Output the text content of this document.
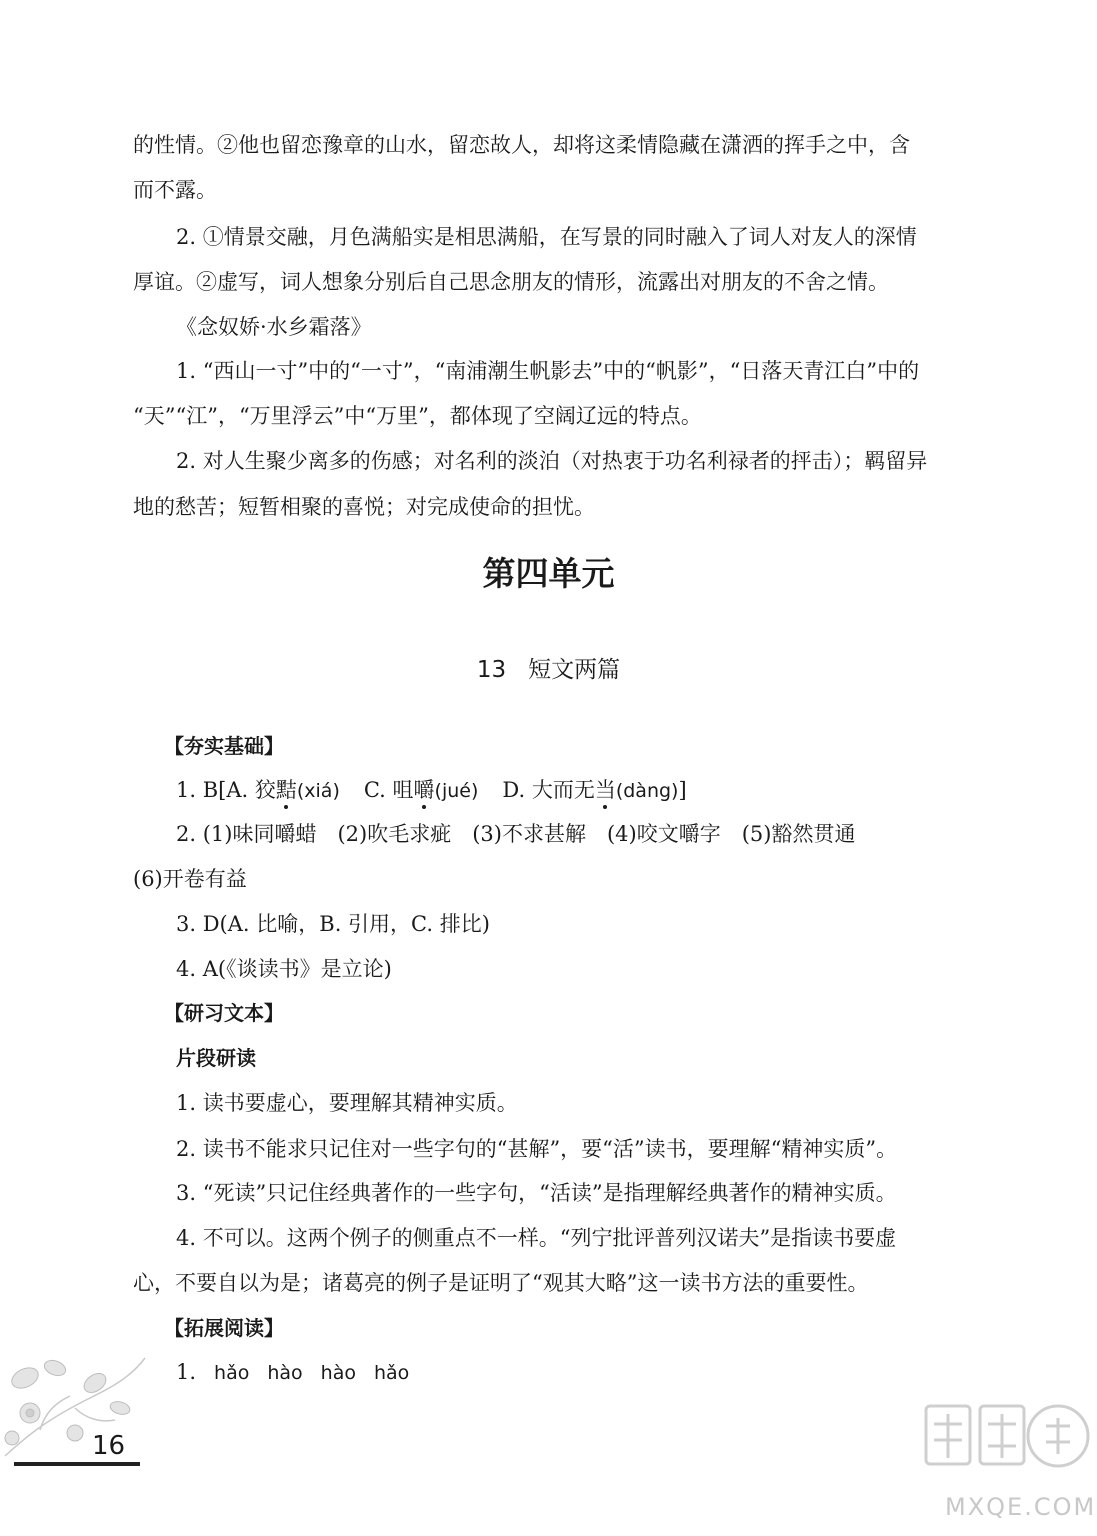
的性情。②他也留恋豫章的山水，留恋故人，却将这柔情隐藏在潇洒的挥手之中，含
而不露。
2. ①情景交融，月色满船实是相思满船，在写景的同时融入了词人对友人的深情
厚谊。②虚写，词人想象分别后自己思念朋友的情形，流露出对朋友的不舍之情。
《念奴娇·水乡霜落》
1. “西山一寸”中的“一寸”，“南浦潮生帆影去”中的“帆影”，“日落天青江白”中的
“天”“江”，“万里浮云”中“万里”，都体现了空阔辽远的特点。
2. 对人生聚少离多的伤感；对名利的淡泊（对热衷于功名利禄者的抨击）；羁留异
地的愁苦；短暂相聚的喜悦；对完成使命的担忧。
第四单元
13 短文两篇
【夯实基础】
1. B[A. 狡黠(xiá) C. 咀嚼(jué) D. 大而无当(dàng)]
2. (1)味同嚼蜡　(2)吹毛求疵　(3)不求甚解　(4)咬文嚼字　(5)豁然贯通
(6)开卷有益
3. D(A. 比喻，B. 引用，C. 排比)
4. A(《谈读书》是立论)
【研习文本】
片段研读
1. 读书要虚心，要理解其精神实质。
2. 读书不能求只记住对一些字句的“甚解”，要“活”读书，要理解“精神实质”。
3. “死读”只记住经典著作的一些字句，“活读”是指理解经典著作的精神实质。
4. 不可以。这两个例子的侧重点不一样。“列宁批评普列汉诺夫”是指读书要虚
心，不要自以为是；诸葛亮的例子是证明了“观其大略”这一读书方法的重要性。
【拓展阅读】
1. hǎo hào hào hǎo
16
MXQE.COM
